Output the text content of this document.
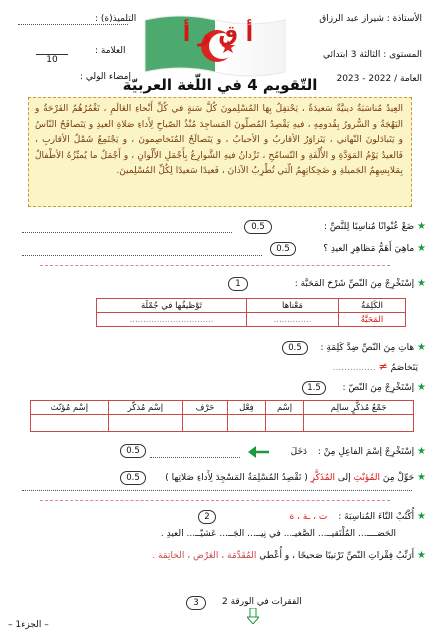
الأستاذة : شيراز عبد الرزاق
المستوى : الثالثة 3 ابتدائي
العامة / 2022 - 2023
التلميذ(ة) :
العلامة :
10
إمضاء الولي :
أ ق ر أ
التّقويم 4 في اللّغة العربيّة
العِيدُ مُناسَبَةٌ دينيَّةٌ سَعيدَةٌ ، يَحْتفِلُ بِهَا المُسْلِمونَ كُلَّ سَنةٍ في كُلِّ أَنْحاءِ العَالَمِ ، تَغْمُرُهُمُ الفَرْحَةُ و البَهْجَةُ و السُّرورُ بِقُدومِهِ ، فيهِ يَقْصِدُ المُصلّونَ المَساجِدَ مُنْذُ الصّباحِ لِأَداءِ صَلاةِ العيدِ و يَتَصافَحُ النّاسُ و يَتَبادَلونَ التّهاني ، يَتَزاوَرُ الأقاربُ و الأحبابُ ، و يَتَصالَحُ المُتَخاصِمونَ ، و يَجْتَمِعُ شَمْلُ الأقاربِ ، فَالعيدُ يَوْمُ المَوَدَّةِ و الأُلْفَةِ و التّسامُحِ ، تَزْدانُ فيهِ الشَّوارِعُ بِأَجْمَلِ الأَلْوانِ ، و أَجْمَلُ ما يُميِّزُهُ الأطْفالُ بِمَلابِسِهِمُ الجَميلةِ و ضَحِكاتِهِمُ الّتي تُطْرِبُ الآذانَ ، فَعيدًا سَعيدًا لِكُلِّ المُسْلِمينَ.
★ ضَعْ عُنْوانًا مُناسِبًا لِلنَّصِّ :
0.5
★ ماهِيَ أَهَمُّ مَظاهِرِ العيدِ ؟
0.5
★ إسْتَخْرِجْ مِنَ النّصِّ شَرْحَ المَحَبَّة :
1
الكَلِمَةُ	مَعْناها	تَوْظيفُها في جُمْلَة
المَحَبَّةُ	..............	...............................
★ هاتِ مِنَ النّصِّ ضِدَّ كَلِمَةِ :
0.5
يَتَخاصَمُ ≠ ...............
★ إسْتَخْرِجْ مِنَ النّصّ :
1.5
جَمْعُ مُذكَّرٍ سالِم	إسْم	فِعْل	حَرْف	إسْم مُذكّر	إسْم مُؤنّث

★ إسْتَخْرِجْ إسْمَ الفاعِلِ مِنْ : دَخَلَ
0.5
★ حَوِّلْ مِنَ المُؤنّثِ إلى المُذَكَّرِ ( تَقْصِدُ المُسْلِمَةُ المَسْجِدَ لِأَداءِ صَلاتِها )
0.5
★ أُكْتُبْ التّاءَ المُناسِبَةَ : ت ، ـة ، ة
2
الحَضــــ... المُلْتَقيــ... الصَّغيـ... في نِيــ... الجَــ... عَشيّــ... العيدِ .
★ أَرَتِّبُ فِقْراتِ النّصِّ تَرْتيبًا صَحيحًا ، و أُعْطي المُقَدِّمَة ، العَرْض ، الخاتِمَة .
الفقرات في الورقة 2
3
– الجزء1 –
